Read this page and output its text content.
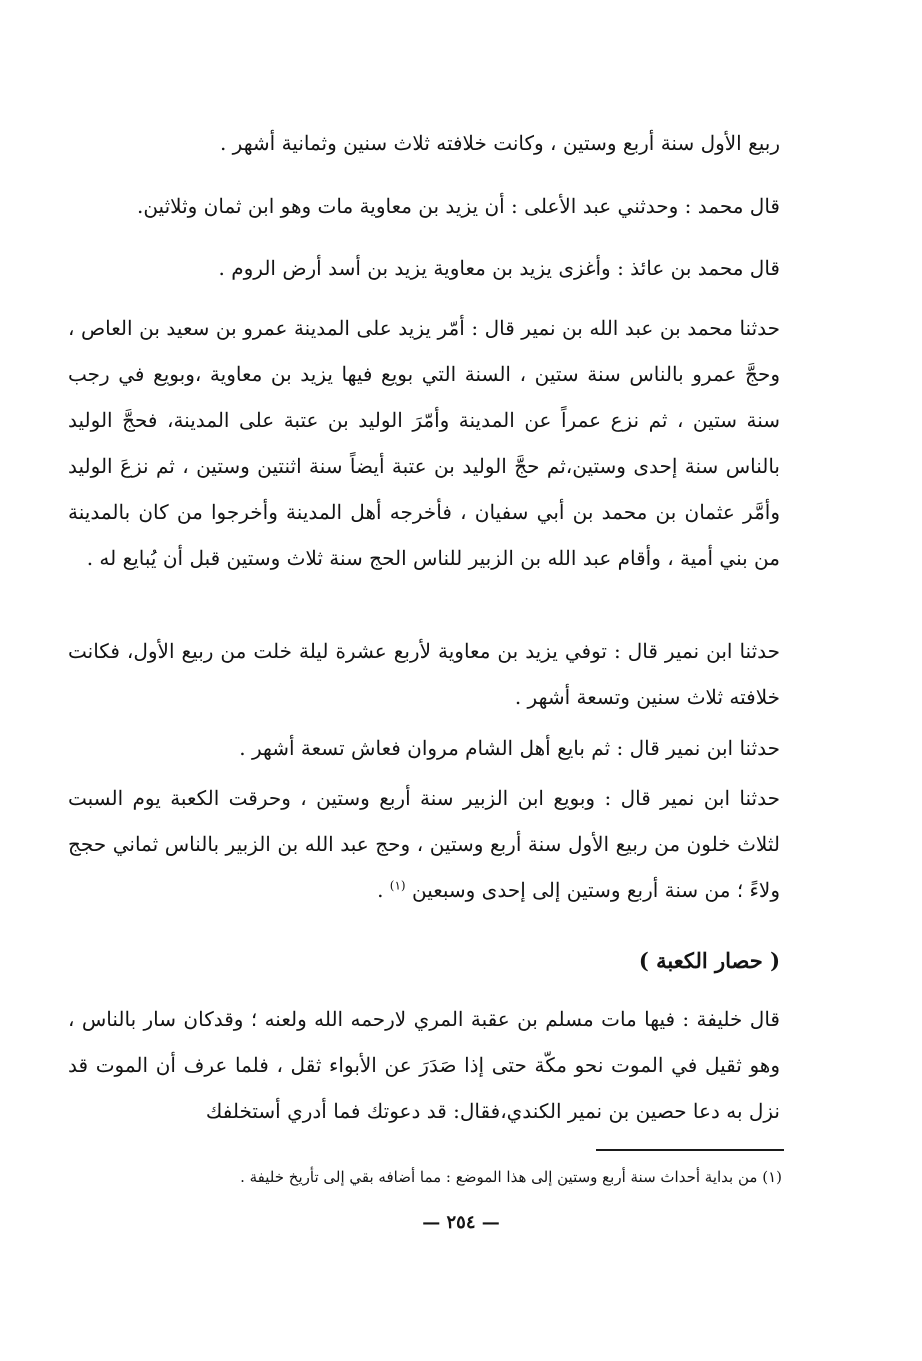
ربيع الأول سنة أربع وستين ، وكانت خلافته ثلاث سنين وثمانية أشهر .

قال محمد : وحدثني عبد الأعلى : أن يزيد بن معاوية مات وهو ابن ثمان وثلاثين.

قال محمد بن عائذ : وأغزى يزيد بن معاوية يزيد بن أسد أرض الروم .

حدثنا محمد بن عبد الله بن نمير قال : أمّر يزيد على المدينة عمرو بن سعيد بن العاص ، وحجَّ عمرو بالناس سنة ستين ، السنة التي بويع فيها يزيد بن معاوية ،وبويع في رجب سنة ستين ، ثم نزع عمراً عن المدينة وأمّرَ الوليد بن عتبة على المدينة، فحجَّ الوليد بالناس سنة إحدى وستين،ثم حجَّ الوليد بن عتبة أيضاً سنة اثنتين وستين ، ثم نزعَ الوليد وأمَّر عثمان بن محمد بن أبي سفيان ، فأخرجه أهل المدينة وأخرجوا من كان بالمدينة من بني أمية ، وأقام عبد الله بن الزبير للناس الحج سنة ثلاث وستين قبل أن يُبايع له .

حدثنا ابن نمير قال : توفي يزيد بن معاوية لأربع عشرة ليلة خلت من ربيع الأول، فكانت خلافته ثلاث سنين وتسعة أشهر .

حدثنا ابن نمير قال : ثم بايع أهل الشام مروان فعاش تسعة أشهر .

حدثنا ابن نمير قال : وبويع ابن الزبير سنة أربع وستين ، وحرقت الكعبة يوم السبت لثلاث خلون من ربيع الأول سنة أربع وستين ، وحج عبد الله بن الزبير بالناس ثماني حجج ولاءً ؛ من سنة أربع وستين إلى إحدى وسبعين $^{(١)}$ .

( حصار الكعبة )

قال خليفة : فيها مات مسلم بن عقبة المري لارحمه الله ولعنه ؛ وقدكان سار بالناس ، وهو ثقيل في الموت نحو مكّة حتى إذا صَدَرَ عن الأبواء ثقل ، فلما عرف أن الموت قد نزل به دعا حصين بن نمير الكندي،فقال: قد دعوتك فما أدري أستخلفك

(١) من بداية أحداث سنة أربع وستين إلى هذا الموضع : مما أضافه بقي إلى تأريخ خليفة .

— ٢٥٤ —
